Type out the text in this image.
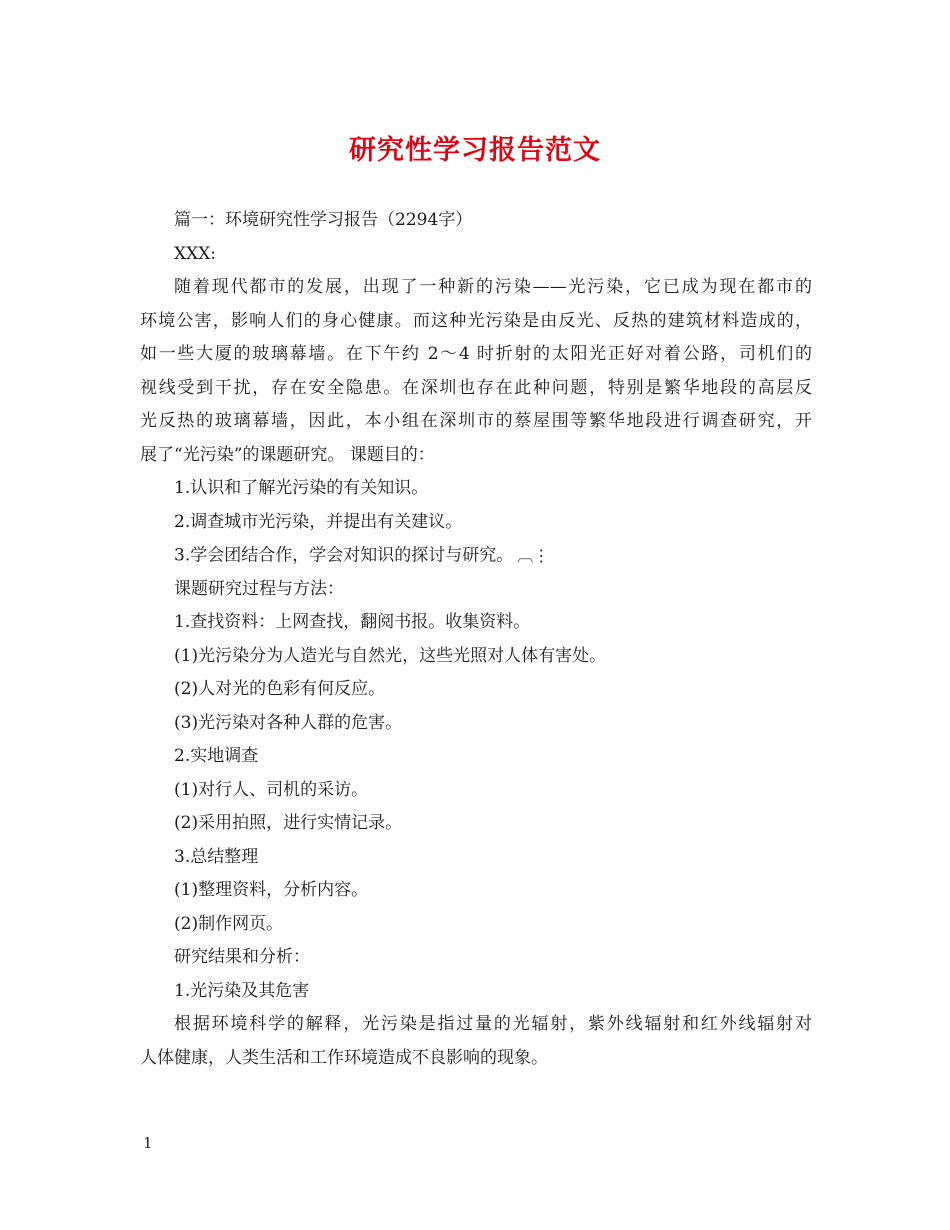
研究性学习报告范文
篇一：环境研究性学习报告（2294字）
XXX:
随着现代都市的发展，出现了一种新的污染——光污染，它已成为现在都市的
环境公害，影响人们的身心健康。而这种光污染是由反光、反热的建筑材料造成的，
如一些大厦的玻璃幕墙。在下午约 2～4 时折射的太阳光正好对着公路，司机们的
视线受到干扰，存在安全隐患。在深圳也存在此种问题，特别是繁华地段的高层反
光反热的玻璃幕墙，因此，本小组在深圳市的蔡屋围等繁华地段进行调查研究，开
展了“光污染”的课题研究。 课题目的：
1.认识和了解光污染的有关知识。
2.调查城市光污染，并提出有关建议。
3.学会团结合作，学会对知识的探讨与研究。 ︹⋮
课题研究过程与方法：
1.查找资料：上网查找，翻阅书报。收集资料。
(1)光污染分为人造光与自然光，这些光照对人体有害处。
(2)人对光的色彩有何反应。
(3)光污染对各种人群的危害。
2.实地调查
(1)对行人、司机的采访。
(2)采用拍照，进行实情记录。
3.总结整理
(1)整理资料，分析内容。
(2)制作网页。
研究结果和分析：
1.光污染及其危害
根据环境科学的解释，光污染是指过量的光辐射，紫外线辐射和红外线辐射对
人体健康，人类生活和工作环境造成不良影响的现象。
1
